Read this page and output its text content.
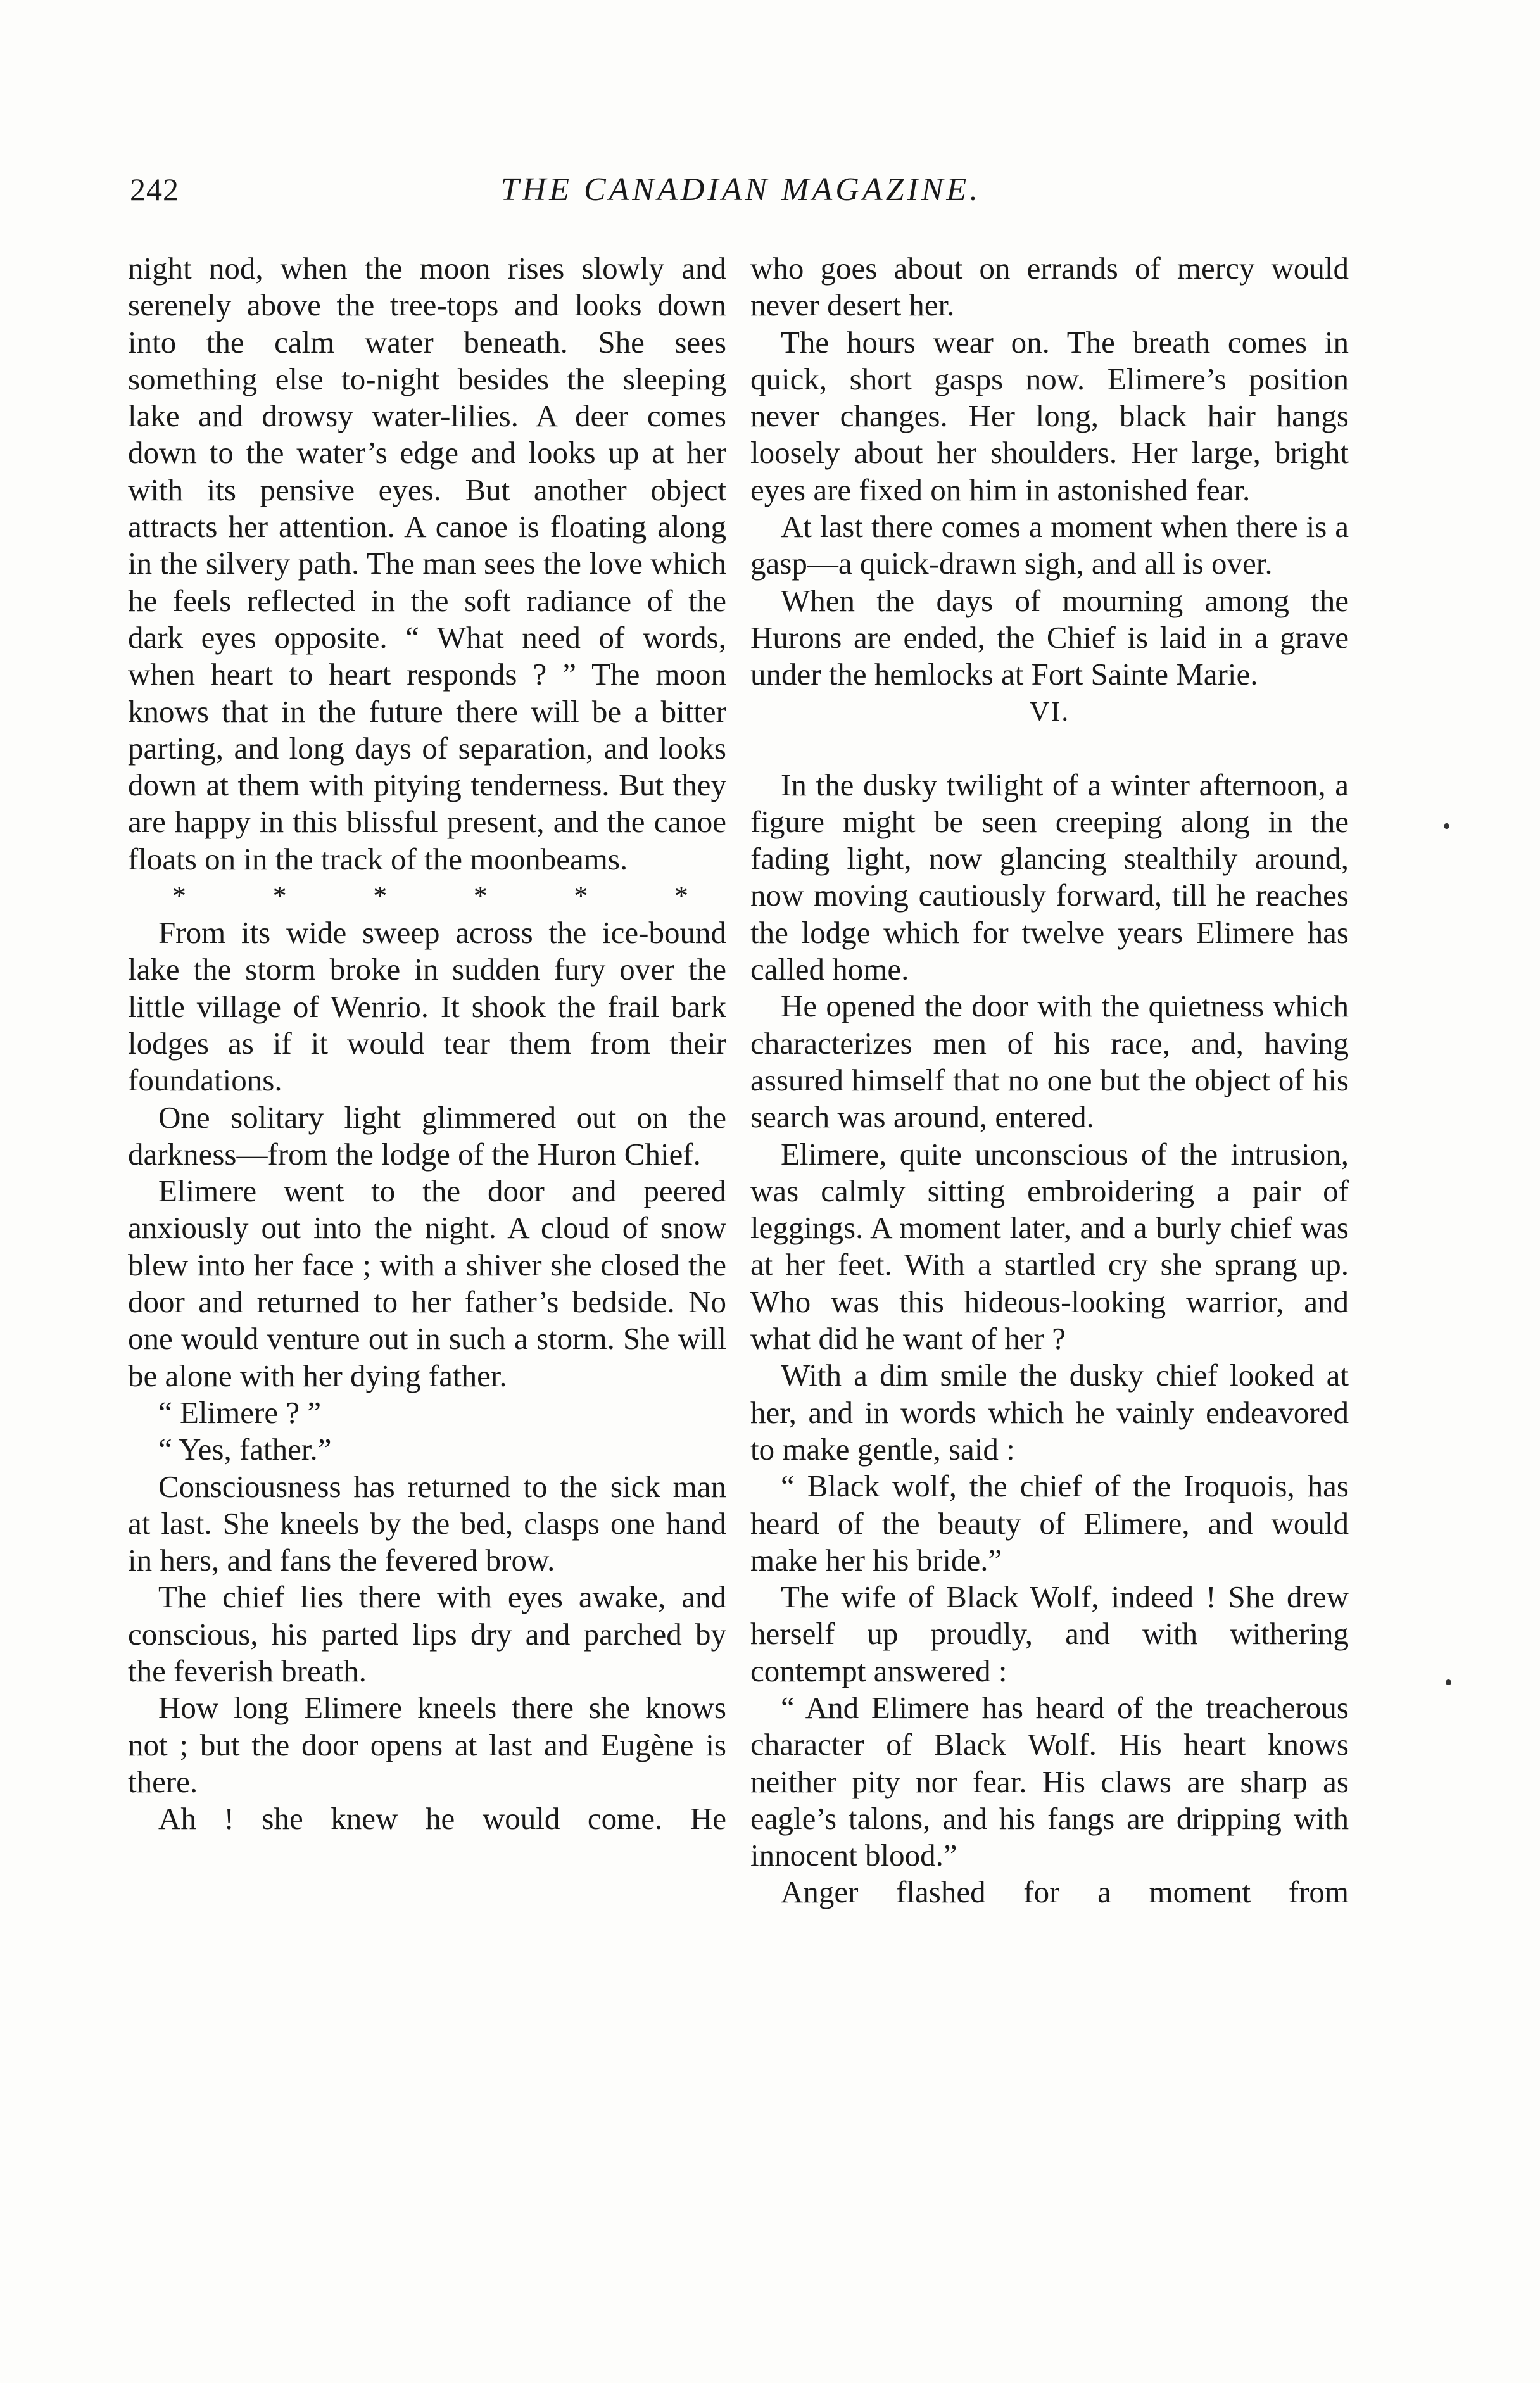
242	THE CANADIAN MAGAZINE.

night nod, when the moon rises slowly and serenely above the tree-tops and looks down into the calm water beneath. She sees something else to-night besides the sleeping lake and drowsy water-lilies. A deer comes down to the water’s edge and looks up at her with its pensive eyes. But another object attracts her attention. A canoe is floating along in the silvery path. The man sees the love which he feels reflected in the soft radiance of the dark eyes opposite. “ What need of words, when heart to heart responds ? ” The moon knows that in the future there will be a bitter parting, and long days of separation, and looks down at them with pitying tenderness. But they are happy in this blissful present, and the canoe floats on in the track of the moonbeams.

*	*	*	*	*	*

From its wide sweep across the ice-bound lake the storm broke in sudden fury over the little village of Wenrio. It shook the frail bark lodges as if it would tear them from their foundations.

One solitary light glimmered out on the darkness—from the lodge of the Huron Chief.

Elimere went to the door and peered anxiously out into the night. A cloud of snow blew into her face ; with a shiver she closed the door and returned to her father’s bedside. No one would venture out in such a storm. She will be alone with her dying father.

“ Elimere ? ”

“ Yes, father.”

Consciousness has returned to the sick man at last. She kneels by the bed, clasps one hand in hers, and fans the fevered brow.

The chief lies there with eyes awake, and conscious, his parted lips dry and parched by the feverish breath.

How long Elimere kneels there she knows not ; but the door opens at last and Eugène is there.

Ah ! she knew he would come. He

who goes about on errands of mercy would never desert her.

The hours wear on. The breath comes in quick, short gasps now. Elimere’s position never changes. Her long, black hair hangs loosely about her shoulders. Her large, bright eyes are fixed on him in astonished fear.

At last there comes a moment when there is a gasp—a quick-drawn sigh, and all is over.

When the days of mourning among the Hurons are ended, the Chief is laid in a grave under the hemlocks at Fort Sainte Marie.

VI.

In the dusky twilight of a winter afternoon, a figure might be seen creeping along in the fading light, now glancing stealthily around, now moving cautiously forward, till he reaches the lodge which for twelve years Elimere has called home.

He opened the door with the quietness which characterizes men of his race, and, having assured himself that no one but the object of his search was around, entered.

Elimere, quite unconscious of the intrusion, was calmly sitting embroidering a pair of leggings. A moment later, and a burly chief was at her feet. With a startled cry she sprang up. Who was this hideous-looking warrior, and what did he want of her ?

With a dim smile the dusky chief looked at her, and in words which he vainly endeavored to make gentle, said :

“ Black wolf, the chief of the Iroquois, has heard of the beauty of Elimere, and would make her his bride.”

The wife of Black Wolf, indeed ! She drew herself up proudly, and with withering contempt answered :

“ And Elimere has heard of the treacherous character of Black Wolf. His heart knows neither pity nor fear. His claws are sharp as eagle’s talons, and his fangs are dripping with innocent blood.”

Anger flashed for a moment from
